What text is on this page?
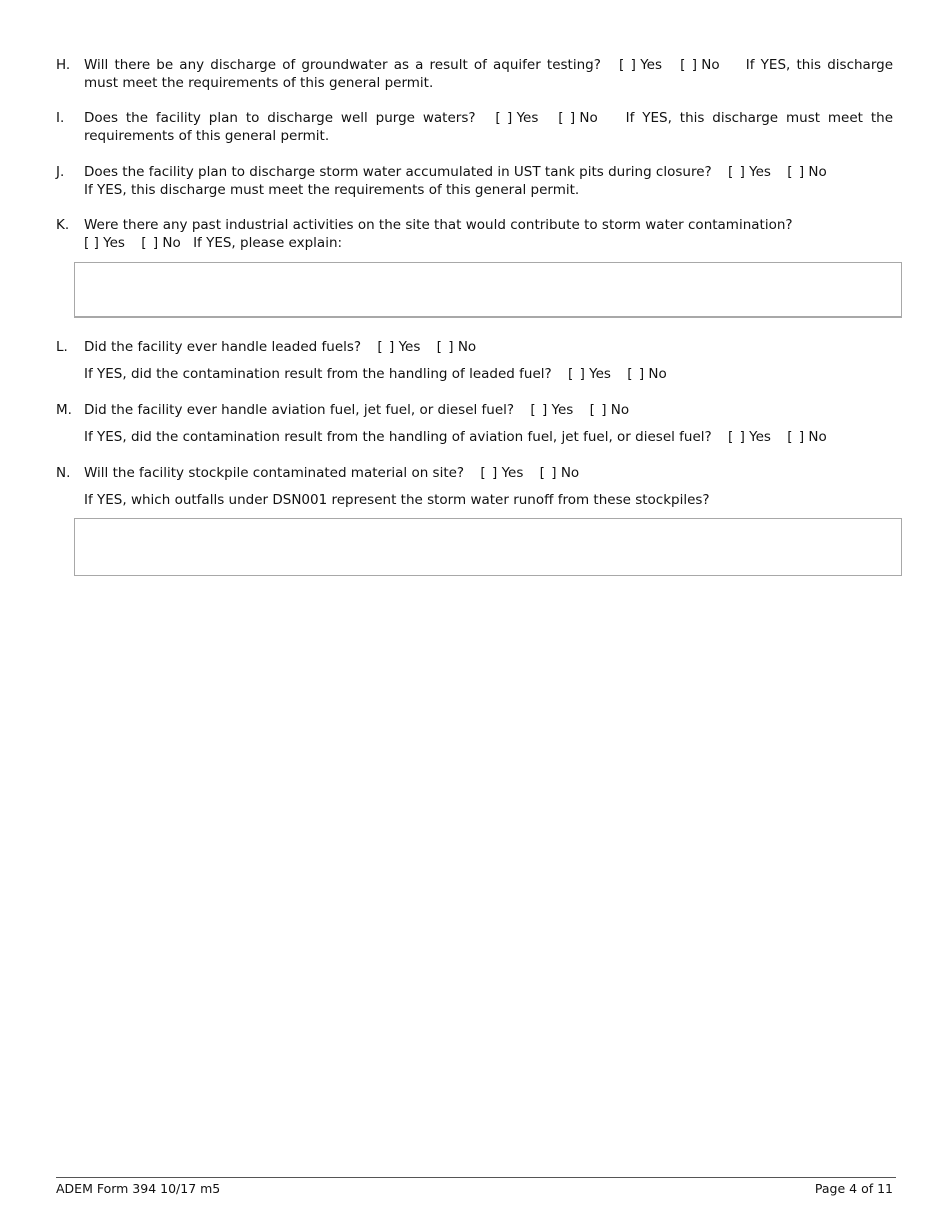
H. Will there be any discharge of groundwater as a result of aquifer testing? [ ] Yes [ ] No If YES, this discharge must meet the requirements of this general permit.
I. Does the facility plan to discharge well purge waters? [ ] Yes [ ] No If YES, this discharge must meet the requirements of this general permit.
J. Does the facility plan to discharge storm water accumulated in UST tank pits during closure? [ ] Yes [ ] No
If YES, this discharge must meet the requirements of this general permit.
K. Were there any past industrial activities on the site that would contribute to storm water contamination?
[ ] Yes [ ] No If YES, please explain:
L. Did the facility ever handle leaded fuels? [ ] Yes [ ] No
If YES, did the contamination result from the handling of leaded fuel? [ ] Yes [ ] No
M. Did the facility ever handle aviation fuel, jet fuel, or diesel fuel? [ ] Yes [ ] No
If YES, did the contamination result from the handling of aviation fuel, jet fuel, or diesel fuel? [ ] Yes [ ] No
N. Will the facility stockpile contaminated material on site? [ ] Yes [ ] No
If YES, which outfalls under DSN001 represent the storm water runoff from these stockpiles?
ADEM Form 394 10/17 m5	Page 4 of 11
